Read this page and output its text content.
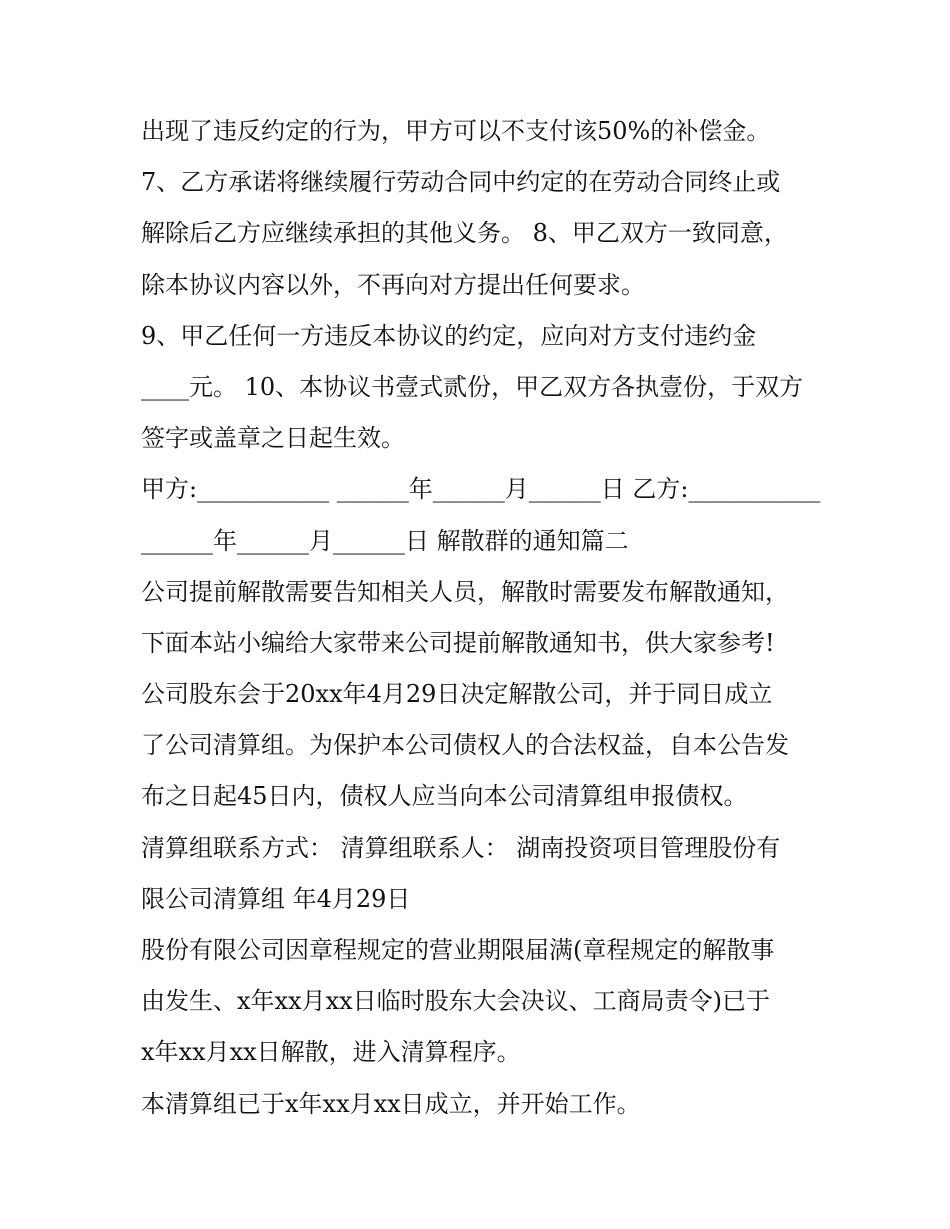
出现了违反约定的行为，甲方可以不支付该50%的补偿金。
7、乙方承诺将继续履行劳动合同中约定的在劳动合同终止或
解除后乙方应继续承担的其他义务。 8、甲乙双方一致同意，
除本协议内容以外，不再向对方提出任何要求。
9、甲乙任何一方违反本协议的约定，应向对方支付违约金
____元。 10、本协议书壹式贰份，甲乙双方各执壹份，于双方
签字或盖章之日起生效。
甲方:___________ ______年______月______日 乙方:___________
______年______月______日 解散群的通知篇二
公司提前解散需要告知相关人员，解散时需要发布解散通知，
下面本站小编给大家带来公司提前解散通知书，供大家参考!
公司股东会于20xx年4月29日决定解散公司，并于同日成立
了公司清算组。为保护本公司债权人的合法权益，自本公告发
布之日起45日内，债权人应当向本公司清算组申报债权。
清算组联系方式： 清算组联系人： 湖南投资项目管理股份有
限公司清算组 年4月29日
股份有限公司因章程规定的营业期限届满(章程规定的解散事
由发生、x年xx月xx日临时股东大会决议、工商局责令)已于
x年xx月xx日解散，进入清算程序。
本清算组已于x年xx月xx日成立，并开始工作。
